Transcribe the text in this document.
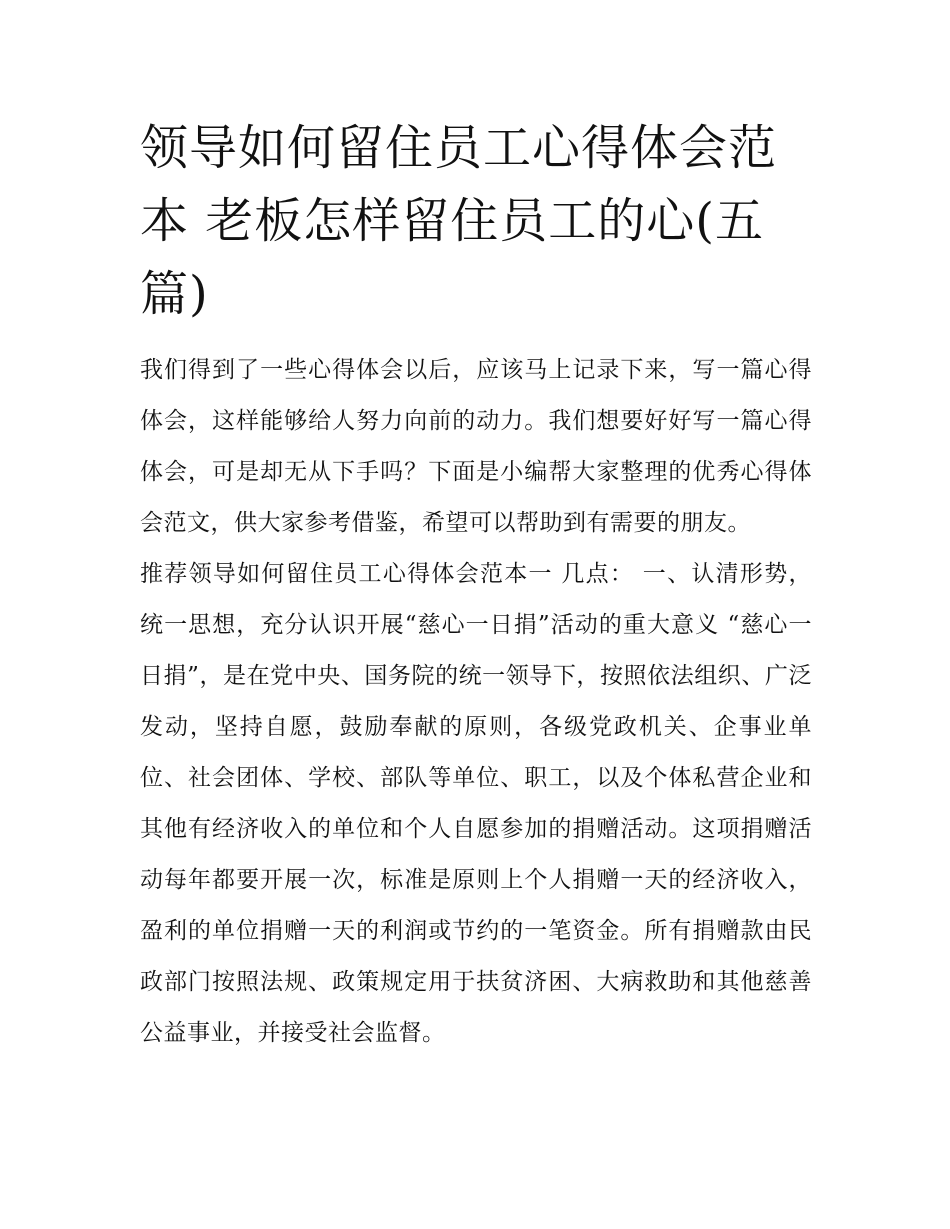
领导如何留住员工心得体会范本 老板怎样留住员工的心(五篇)

我们得到了一些心得体会以后，应该马上记录下来，写一篇心得体会，这样能够给人努力向前的动力。我们想要好好写一篇心得体会，可是却无从下手吗？下面是小编帮大家整理的优秀心得体会范文，供大家参考借鉴，希望可以帮助到有需要的朋友。

推荐领导如何留住员工心得体会范本一 几点： 一、认清形势，统一思想，充分认识开展“慈心一日捐”活动的重大意义 “慈心一日捐”，是在党中央、国务院的统一领导下，按照依法组织、广泛发动，坚持自愿，鼓励奉献的原则，各级党政机关、企事业单位、社会团体、学校、部队等单位、职工，以及个体私营企业和其他有经济收入的单位和个人自愿参加的捐赠活动。这项捐赠活动每年都要开展一次，标准是原则上个人捐赠一天的经济收入，盈利的单位捐赠一天的利润或节约的一笔资金。所有捐赠款由民政部门按照法规、政策规定用于扶贫济困、大病救助和其他慈善公益事业，并接受社会监督。
